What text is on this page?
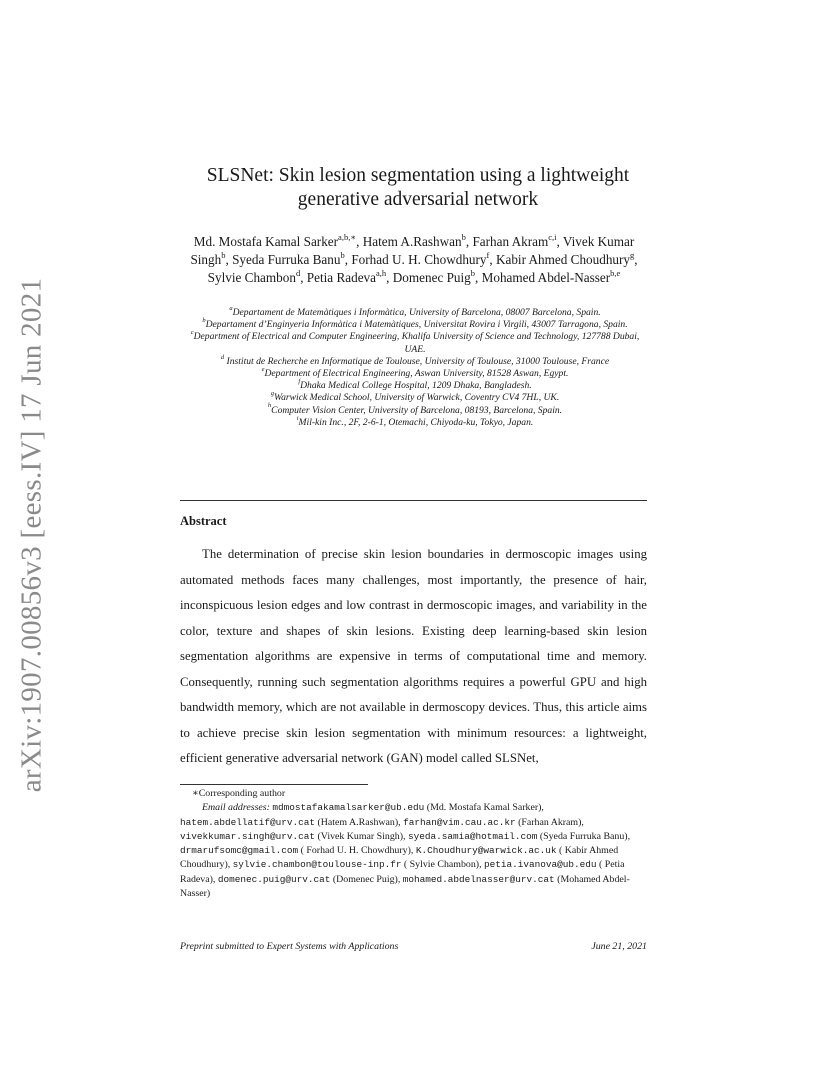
arXiv:1907.00856v3 [eess.IV] 17 Jun 2021
SLSNet: Skin lesion segmentation using a lightweight
generative adversarial network
Md. Mostafa Kamal Sarker$^{a,b,∗}$, Hatem A.Rashwan$^b$, Farhan Akram$^{c,i}$, Vivek Kumar Singh$^b$, Syeda Furruka Banu$^b$, Forhad U. H. Chowdhury$^f$, Kabir Ahmed Choudhury$^g$, Sylvie Chambon$^d$, Petia Radeva$^{a,h}$, Domenec Puig$^b$, Mohamed Abdel-Nasser$^{b,e}$
$^a$Departament de Matemàtiques i Informàtica, University of Barcelona, 08007 Barcelona, Spain.
$^b$Departament d’Enginyeria Informàtica i Matemàtiques, Universitat Rovira i Virgili, 43007 Tarragona, Spain.
$^c$Department of Electrical and Computer Engineering, Khalifa University of Science and Technology, 127788 Dubai, UAE.
$^d$ Institut de Recherche en Informatique de Toulouse, University of Toulouse, 31000 Toulouse, France
$^e$Department of Electrical Engineering, Aswan University, 81528 Aswan, Egypt.
$^f$Dhaka Medical College Hospital, 1209 Dhaka, Bangladesh.
$^g$Warwick Medical School, University of Warwick, Coventry CV4 7HL, UK.
$^h$Computer Vision Center, University of Barcelona, 08193, Barcelona, Spain.
$^i$Mil-kin Inc., 2F, 2-6-1, Otemachi, Chiyoda-ku, Tokyo, Japan.
Abstract
The determination of precise skin lesion boundaries in dermoscopic images using automated methods faces many challenges, most importantly, the presence of hair, inconspicuous lesion edges and low contrast in dermoscopic images, and variability in the color, texture and shapes of skin lesions. Existing deep learning-based skin lesion segmentation algorithms are expensive in terms of computational time and memory. Consequently, running such segmentation algorithms requires a powerful GPU and high bandwidth memory, which are not available in dermoscopy devices. Thus, this article aims to achieve precise skin lesion segmentation with minimum resources: a lightweight, efficient generative adversarial network (GAN) model called SLSNet,
∗Corresponding author
Email addresses: mdmostafakamalsarker@ub.edu (Md. Mostafa Kamal Sarker), hatem.abdellatif@urv.cat (Hatem A.Rashwan), farhan@vim.cau.ac.kr (Farhan Akram), vivekkumar.singh@urv.cat (Vivek Kumar Singh), syeda.samia@hotmail.com (Syeda Furruka Banu), drmarufsomc@gmail.com ( Forhad U. H. Chowdhury), K.Choudhury@warwick.ac.uk ( Kabir Ahmed Choudhury), sylvie.chambon@toulouse-inp.fr ( Sylvie Chambon), petia.ivanova@ub.edu ( Petia Radeva), domenec.puig@urv.cat (Domenec Puig), mohamed.abdelnasser@urv.cat (Mohamed Abdel-Nasser)
Preprint submitted to Expert Systems with Applications	June 21, 2021
